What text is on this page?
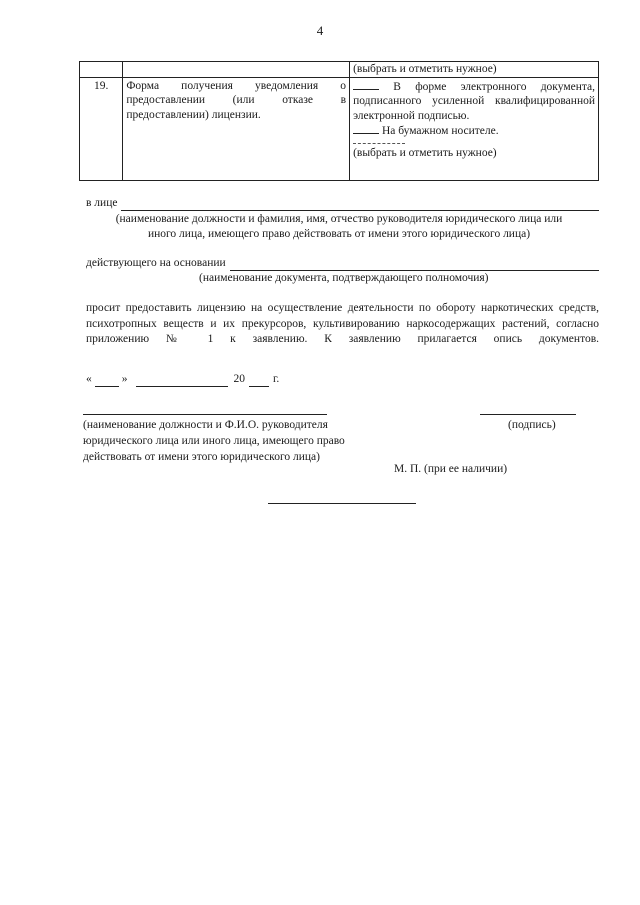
4
		(выбрать и отметить нужное)
19.	Форма получения уведомления о предоставлении (или отказе в предоставлении) лицензии.	В форме электронного документа, подписанного усиленной квалифицированной электронной подписью.
На бумажном носителе.
(выбрать и отметить нужное)
в лице
(наименование должности и фамилия, имя, отчество руководителя юридического лица или
иного лица, имеющего право действовать от имени этого юридического лица)
действующего на основании
(наименование документа, подтверждающего полномочия)
просит предоставить лицензию на осуществление деятельности по обороту наркотических средств, психотропных веществ и их прекурсоров, культивированию наркосодержащих растений, согласно приложению № 1 к заявлению. К заявлению прилагается опись документов.
«	»	20 г.
(наименование должности и Ф.И.О. руководителя
юридического лица или иного лица, имеющего право
действовать от имени этого юридического лица)
(подпись)
М. П. (при ее наличии)
